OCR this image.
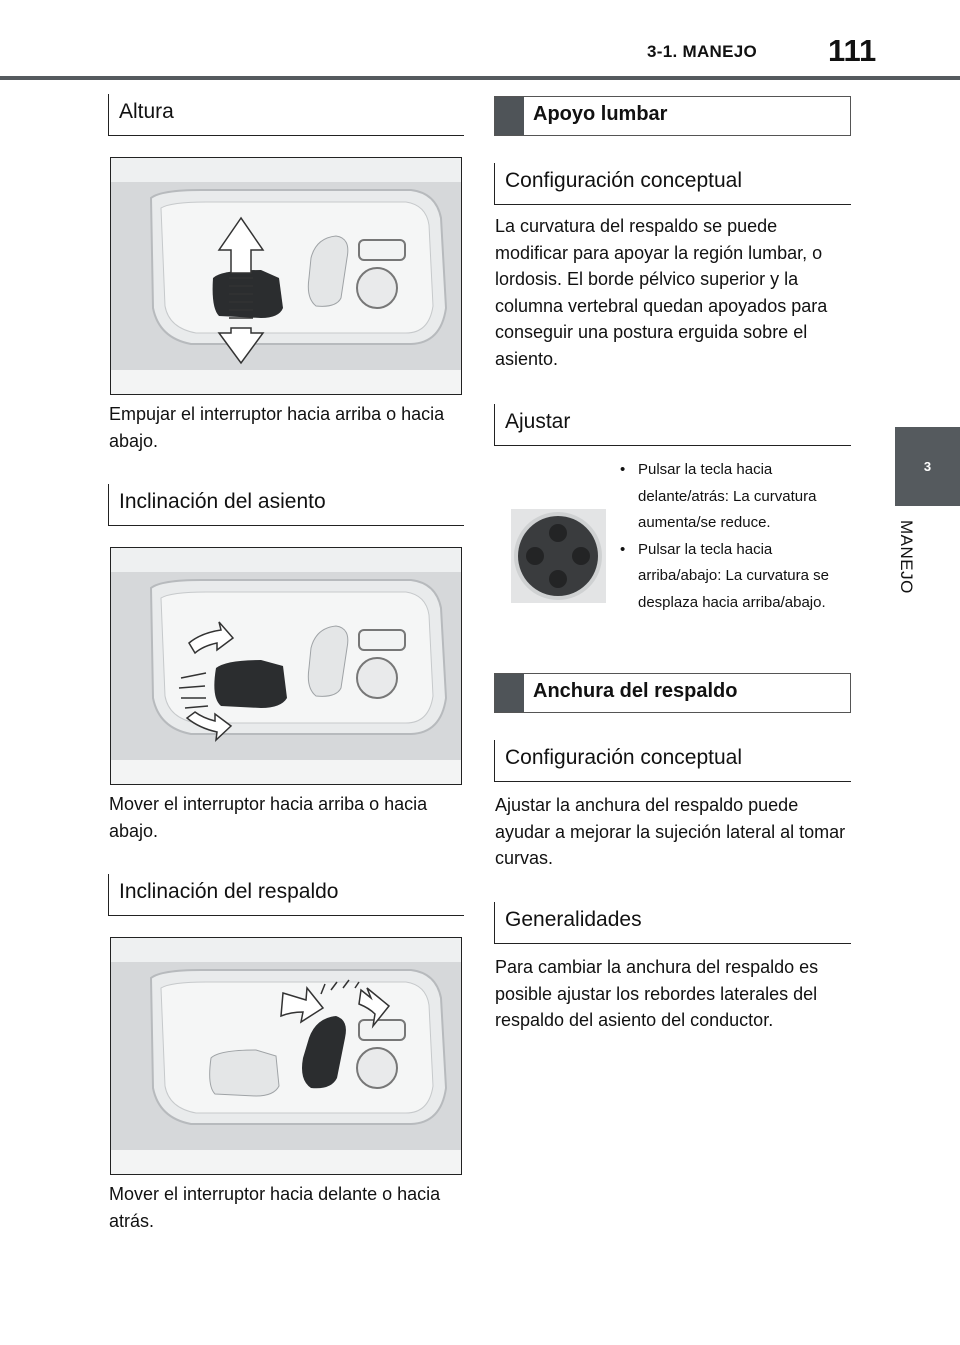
3-1. MANEJO 111
3
MANEJO
Altura

Empujar el interruptor hacia arriba o hacia abajo.

Inclinación del asiento

Mover el interruptor hacia arriba o hacia abajo.

Inclinación del respaldo

Mover el interruptor hacia delante o hacia atrás.

Apoyo lumbar
Configuración conceptual

La curvatura del respaldo se puede modificar para apoyar la región lumbar, o lordosis. El borde pélvico superior y la columna vertebral quedan apoyados para conseguir una postura erguida sobre el asiento.

Ajustar
• Pulsar la tecla hacia delante/atrás: La curvatura aumenta/se reduce.
• Pulsar la tecla hacia arriba/abajo: La curvatura se desplaza hacia arriba/abajo.
Anchura del respaldo
Configuración conceptual

Ajustar la anchura del respaldo puede ayudar a mejorar la sujeción lateral al tomar curvas.

Generalidades

Para cambiar la anchura del respaldo es posible ajustar los rebordes laterales del respaldo del asiento del conductor.
